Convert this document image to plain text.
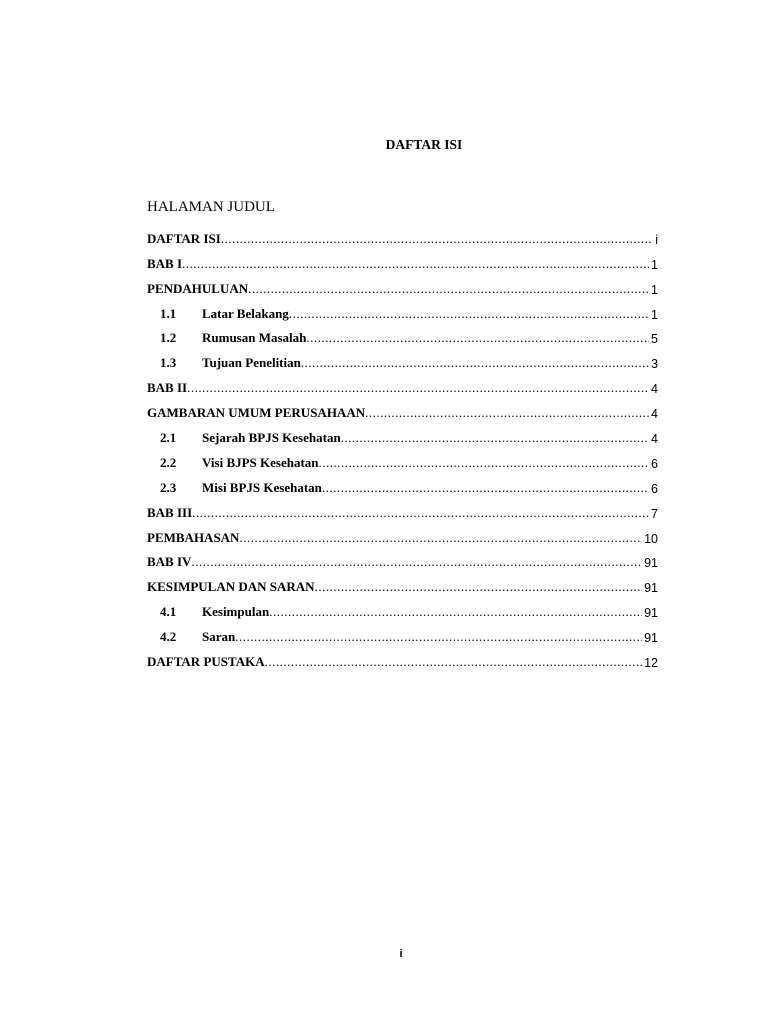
DAFTAR ISI
HALAMAN JUDUL
DAFTAR ISI .....	i
BAB I .....	1
PENDAHULUAN .....	1
1.1	Latar Belakang .....	1
1.2	Rumusan Masalah .....	5
1.3	Tujuan Penelitian .....	3
BAB II .....	4
GAMBARAN UMUM PERUSAHAAN .....	4
2.1	Sejarah BPJS Kesehatan .....	4
2.2	Visi BJPS Kesehatan .....	6
2.3	Misi BPJS Kesehatan .....	6
BAB III .....	7
PEMBAHASAN .....	10
BAB IV .....	91
KESIMPULAN DAN SARAN .....	91
4.1	Kesimpulan .....	91
4.2	Saran .....	91
DAFTAR PUSTAKA .....	12
i
